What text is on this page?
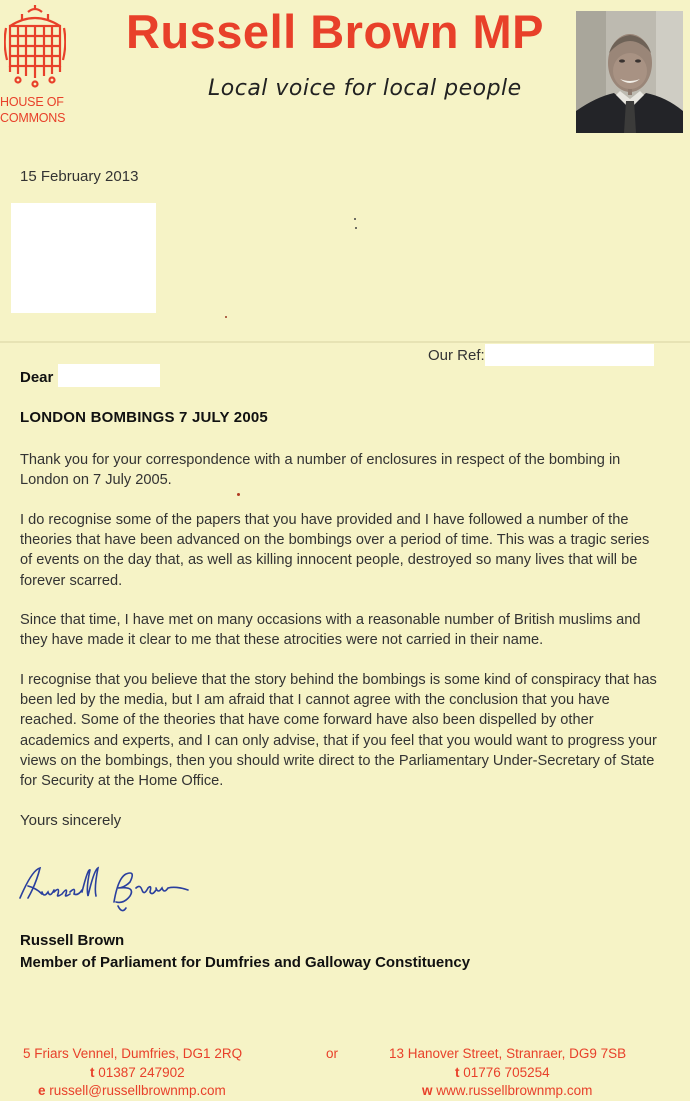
HOUSE OF
COMMONS
Russell Brown MP
Local voice for local people
15 February 2013
Our Ref:
Dear
LONDON BOMBINGS 7 JULY 2005

Thank you for your correspondence with a number of enclosures in respect of the bombing in London on 7 July 2005.

I do recognise some of the papers that you have provided and I have followed a number of the theories that have been advanced on the bombings over a period of time. This was a tragic series of events on the day that, as well as killing innocent people, destroyed so many lives that will be forever scarred.

Since that time, I have met on many occasions with a reasonable number of British muslims and they have made it clear to me that these atrocities were not carried in their name.

I recognise that you believe that the story behind the bombings is some kind of conspiracy that has been led by the media, but I am afraid that I cannot agree with the conclusion that you have reached. Some of the theories that have come forward have also been dispelled by other academics and experts, and I can only advise, that if you feel that you would want to progress your views on the bombings, then you should write direct to the Parliamentary Under-Secretary of State for Security at the Home Office.

Yours sincerely
Russell Brown
Member of Parliament for Dumfries and Galloway Constituency
5 Friars Vennel, Dumfries, DG1 2RQ	or	13 Hanover Street, Stranraer, DG9 7SB
t 01387 247902	t 01776 705254
e russell@russellbrownmp.com	w www.russellbrownmp.com
